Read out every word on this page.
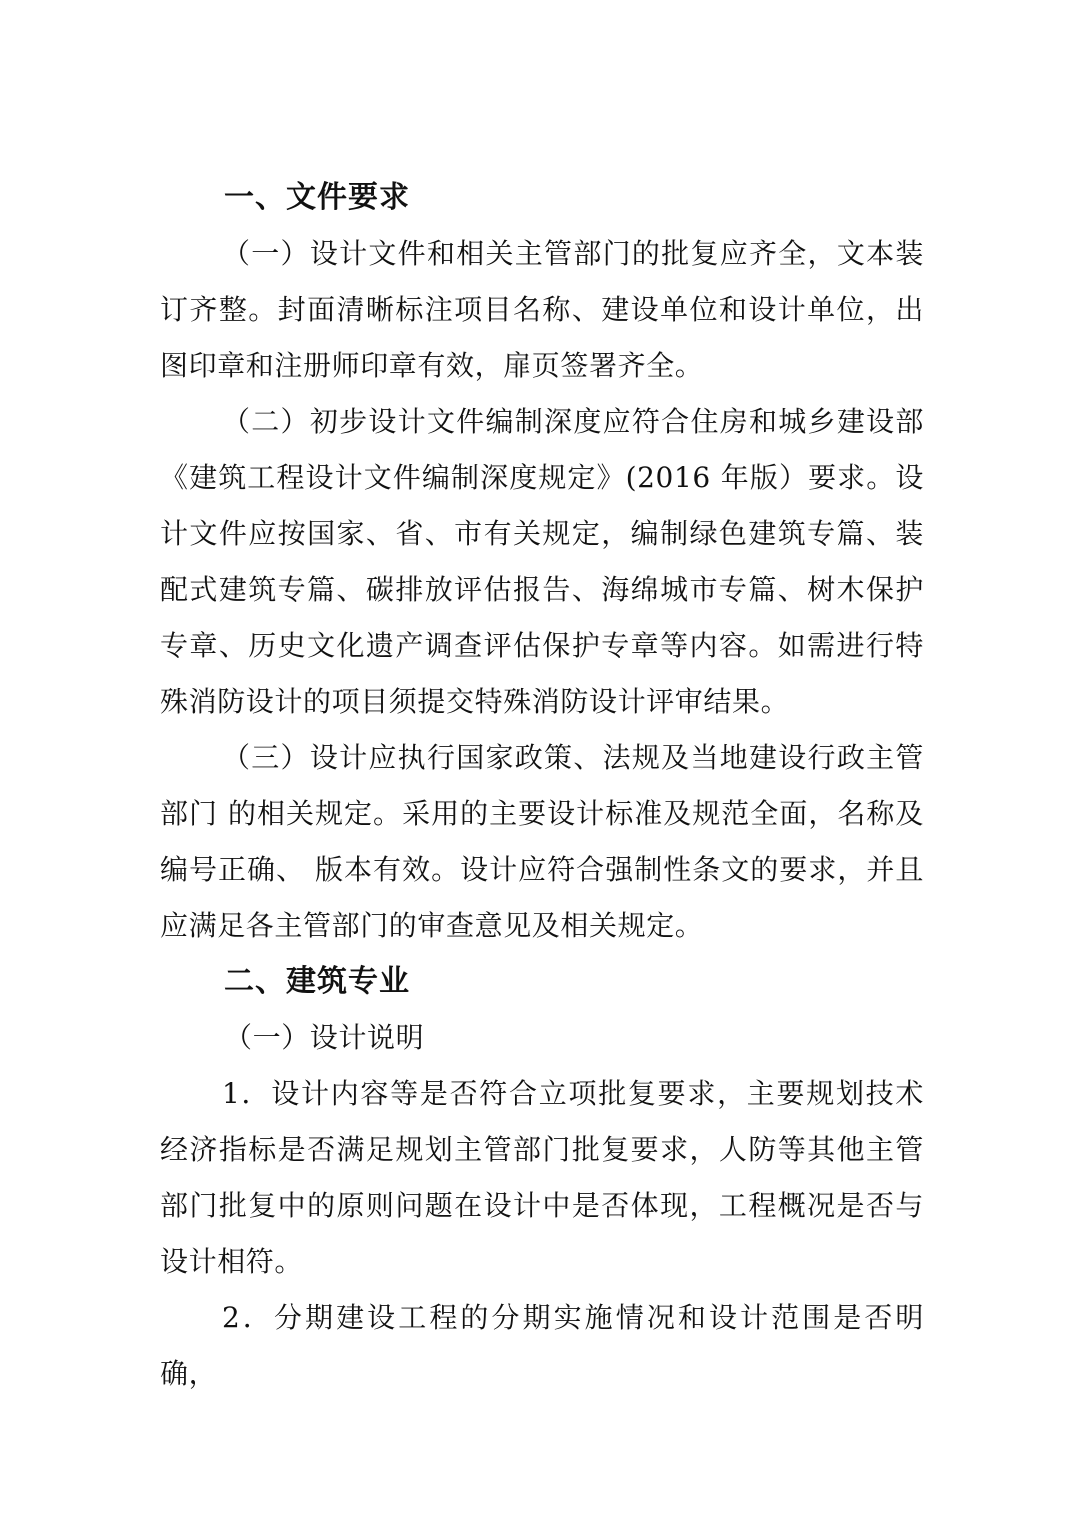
一、文件要求

（一）设计文件和相关主管部门的批复应齐全，文本装订齐整。封面清晰标注项目名称、建设单位和设计单位，出图印章和注册师印章有效，扉页签署齐全。

（二）初步设计文件编制深度应符合住房和城乡建设部《建筑工程设计文件编制深度规定》(2016 年版）要求。设计文件应按国家、省、市有关规定，编制绿色建筑专篇、装配式建筑专篇、碳排放评估报告、海绵城市专篇、树木保护专章、历史文化遗产调查评估保护专章等内容。如需进行特殊消防设计的项目须提交特殊消防设计评审结果。

（三）设计应执行国家政策、法规及当地建设行政主管部门 的相关规定。采用的主要设计标准及规范全面，名称及编号正确、 版本有效。设计应符合强制性条文的要求，并且应满足各主管部门的审查意见及相关规定。

二、建筑专业

（一）设计说明

1．设计内容等是否符合立项批复要求，主要规划技术经济指标是否满足规划主管部门批复要求，人防等其他主管部门批复中的原则问题在设计中是否体现，工程概况是否与设计相符。

2．分期建设工程的分期实施情况和设计范围是否明确，
